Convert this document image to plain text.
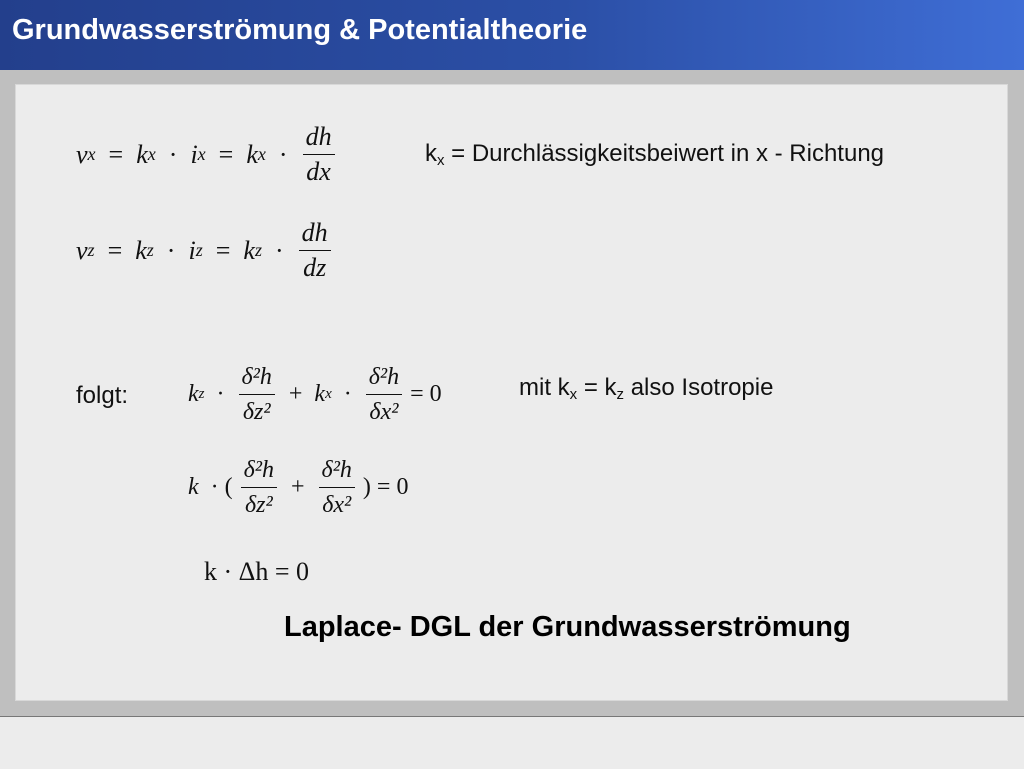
Grundwasserströmung & Potentialtheorie
vx  =  kx  ·  ix  =  kx  · $\frac{dh}{dx}$	$k_x$ = Durchlässigkeitsbeiwert in x - Richtung
vz  =  kz  ·  iz  =  kz  · $\frac{dh}{dz}$
folgt: kz  · $\frac{\text{δ²h}}{\text{δz²}}$ +  kx  · $\frac{\text{δ²h}}{\text{δx²}} = 0$	mit $k_x = k_z$ also Isotropie
k  · ( $\frac{\text{δ²h}}{\text{δz²}} + \frac{\text{δ²h}}{\text{δx²}}$ ) = 0
k · Δh = 0
Laplace- DGL der Grundwasserströmung
